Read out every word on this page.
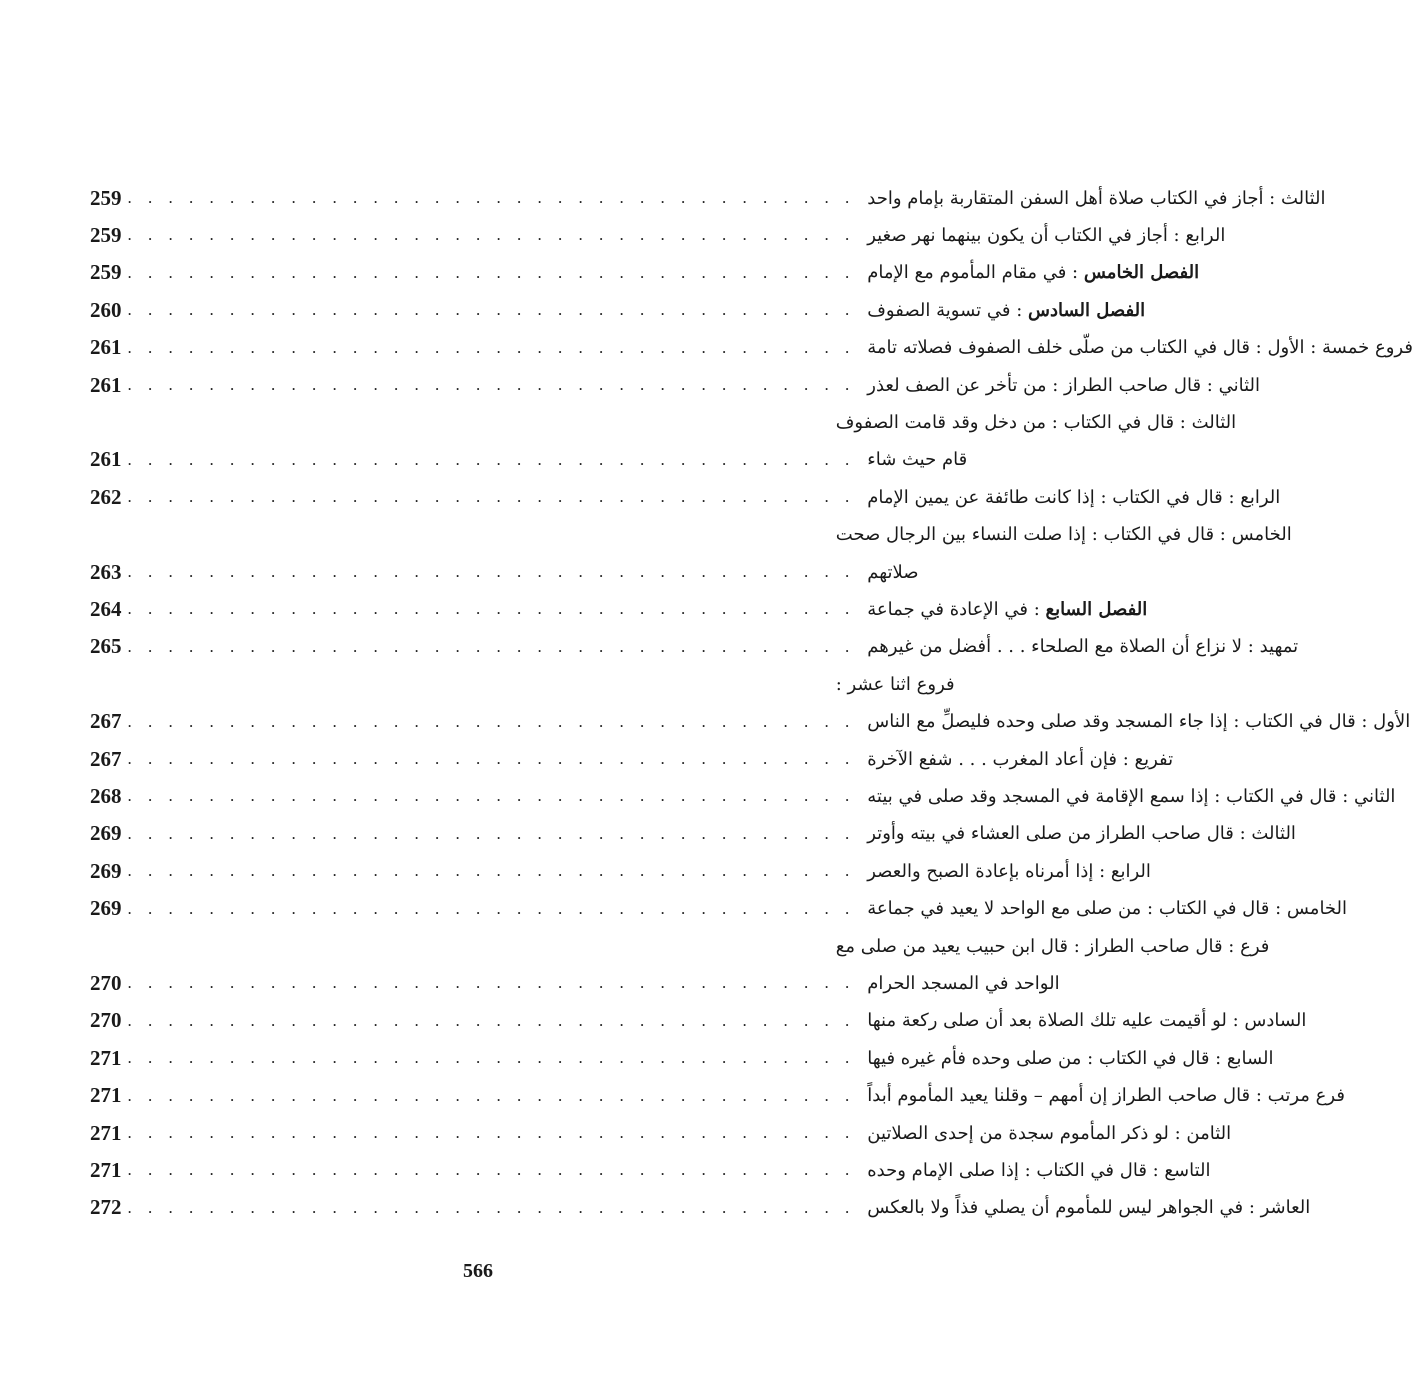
259 . . . . . . . . . . . . . . . . . . . . . . . . . . . . . . . . . . . . الثالث : أجاز في الكتاب صلاة أهل السفن المتقاربة بإمام واحد
259 . . . . . . . . . . . . . . . . . . . . . . . . . . . . . . . . . . . . الرابع : أجاز في الكتاب أن يكون بينهما نهر صغير
259 . . . . . . . . . . . . . . . . . . . . . . . . . . . . . . . . . . . .	الفصل الخامس : في مقام المأموم مع الإمام
260 . . . . . . . . . . . . . . . . . . . . . . . . . . . . . . . . . . . .	الفصل السادس : في تسوية الصفوف
261 . . . . . . . . . . . . . . . . . . . . . . . . . . . . . . . . . . . . فروع خمسة : الأول : قال في الكتاب من صلّى خلف الصفوف فصلاته تامة
261 . . . . . . . . . . . . . . . . . . . . . . . . . . . . . . . . . . . . الثاني : قال صاحب الطراز : من تأخر عن الصف لعذر
الثالث : قال في الكتاب : من دخل وقد قامت الصفوف
261 . . . . . . . . . . . . . . . . . . . . . . . . . . . . . . . . . . . . قام حيث شاء
262 . . . . . . . . . . . . . . . . . . . . . . . . . . . . . . . . . . . . الرابع : قال في الكتاب : إذا كانت طائفة عن يمين الإمام
الخامس : قال في الكتاب : إذا صلت النساء بين الرجال صحت
263 . . . . . . . . . . . . . . . . . . . . . . . . . . . . . . . . . . . . صلاتهم
264 . . . . . . . . . . . . . . . . . . . . . . . . . . . . . . . . . . . .	الفصل السابع : في الإعادة في جماعة
265 . . . . . . . . . . . . . . . . . . . . . . . . . . . . . . . . . . . . تمهيد : لا نزاع أن الصلاة مع الصلحاء . . . أفضل من غيرهم
فروع اثنا عشر :
267 . . . . . . . . . . . . . . . . . . . . . . . . . . . . . . . . . . . . الأول : قال في الكتاب : إذا جاء المسجد وقد صلى وحده فليصلِّ مع الناس
267 . . . . . . . . . . . . . . . . . . . . . . . . . . . . . . . . . . . . تفريع : فإن أعاد المغرب . . . شفع الآخرة
268 . . . . . . . . . . . . . . . . . . . . . . . . . . . . . . . . . . . . الثاني : قال في الكتاب : إذا سمع الإقامة في المسجد وقد صلى في بيته
269 . . . . . . . . . . . . . . . . . . . . . . . . . . . . . . . . . . . . الثالث : قال صاحب الطراز من صلى العشاء في بيته وأوتر
269 . . . . . . . . . . . . . . . . . . . . . . . . . . . . . . . . . . . . الرابع : إذا أمرناه بإعادة الصبح والعصر
269 . . . . . . . . . . . . . . . . . . . . . . . . . . . . . . . . . . . . الخامس : قال في الكتاب : من صلى مع الواحد لا يعيد في جماعة
فرع : قال صاحب الطراز : قال ابن حبيب يعيد من صلى مع
270 . . . . . . . . . . . . . . . . . . . . . . . . . . . . . . . . . . . . الواحد في المسجد الحرام
270 . . . . . . . . . . . . . . . . . . . . . . . . . . . . . . . . . . . . السادس : لو أقيمت عليه تلك الصلاة بعد أن صلى ركعة منها
271 . . . . . . . . . . . . . . . . . . . . . . . . . . . . . . . . . . . . السابع : قال في الكتاب : من صلى وحده فأم غيره فيها
271 . . . . . . . . . . . . . . . . . . . . . . . . . . . . . . . . . . . . فرع مرتب : قال صاحب الطراز إن أمهم – وقلنا يعيد المأموم أبداً
271 . . . . . . . . . . . . . . . . . . . . . . . . . . . . . . . . . . . . الثامن : لو ذكر المأموم سجدة من إحدى الصلاتين
271 . . . . . . . . . . . . . . . . . . . . . . . . . . . . . . . . . . . . التاسع : قال في الكتاب : إذا صلى الإمام وحده
272 . . . . . . . . . . . . . . . . . . . . . . . . . . . . . . . . . . . . العاشر : في الجواهر ليس للمأموم أن يصلي فذاً ولا بالعكس
566
